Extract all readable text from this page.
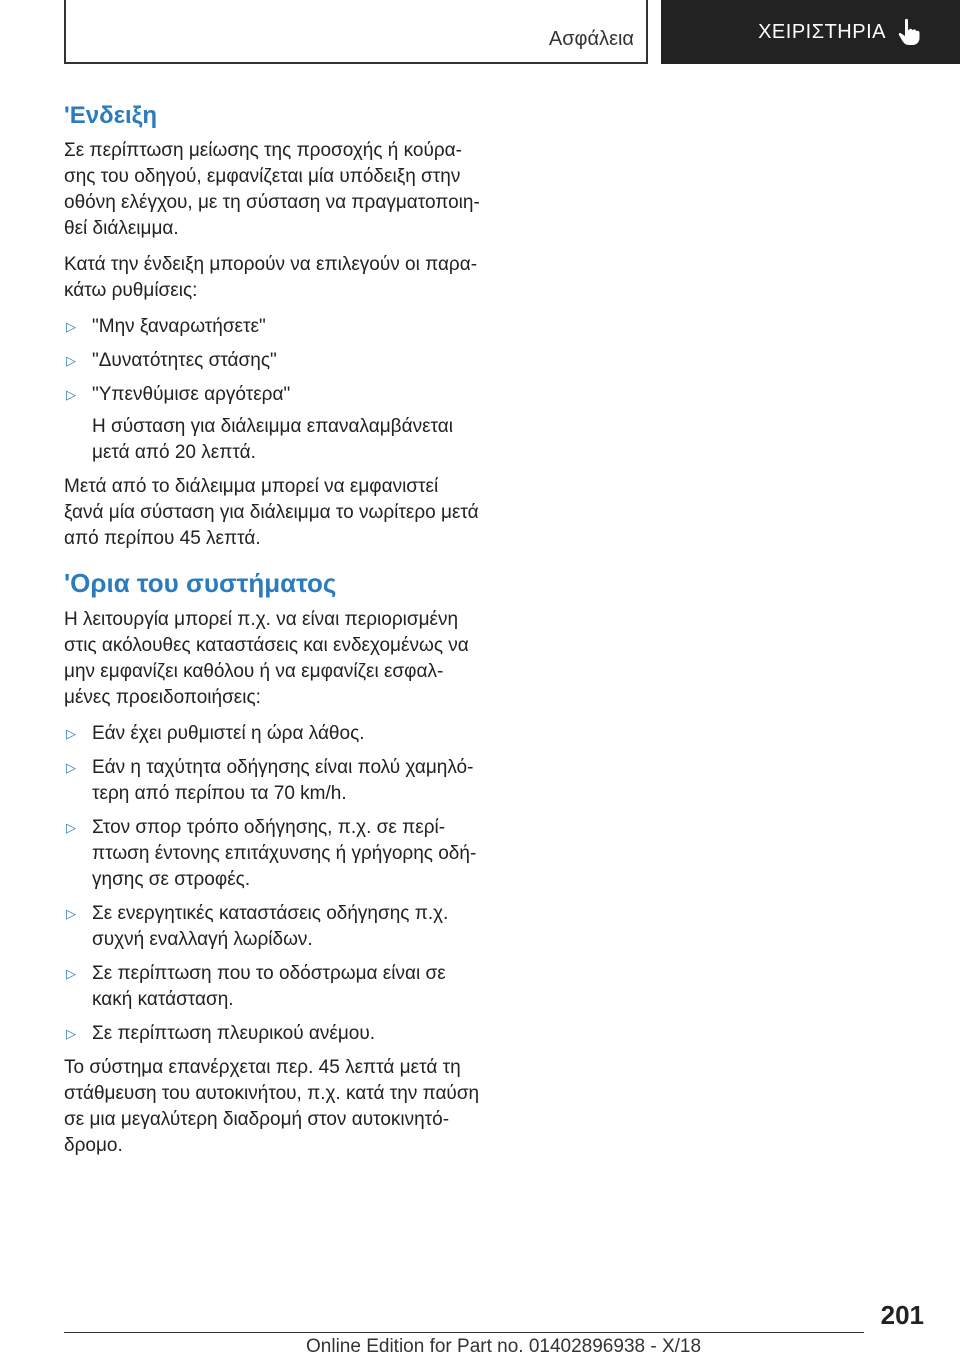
Ασφάλεια	ΧΕΙΡΙΣΤΗΡΙΑ
'Ενδειξη

Σε περίπτωση μείωσης της προσοχής ή κούρα-σης του οδηγού, εμφανίζεται μία υπόδειξη στην οθόνη ελέγχου, με τη σύσταση να πραγματοποιη-θεί διάλειμμα.

Κατά την ένδειξη μπορούν να επιλεγούν οι παρα-κάτω ρυθμίσεις:

▷ "Μην ξαναρωτήσετε"
▷ "Δυνατότητες στάσης"
▷ "Υπενθύμισε αργότερα"
Η σύσταση για διάλειμμα επαναλαμβάνεται μετά από 20 λεπτά.

Μετά από το διάλειμμα μπορεί να εμφανιστεί ξανά μία σύσταση για διάλειμμα το νωρίτερο μετά από περίπου 45 λεπτά.

'Ορια του συστήματος

Η λειτουργία μπορεί π.χ. να είναι περιορισμένη στις ακόλουθες καταστάσεις και ενδεχομένως να μην εμφανίζει καθόλου ή να εμφανίζει εσφαλ-μένες προειδοποιήσεις:

▷ Εάν έχει ρυθμιστεί η ώρα λάθος.
▷ Εάν η ταχύτητα οδήγησης είναι πολύ χαμηλό-τερη από περίπου τα 70 km/h.
▷ Στον σπορ τρόπο οδήγησης, π.χ. σε περί-πτωση έντονης επιτάχυνσης ή γρήγορης οδή-γησης σε στροφές.
▷ Σε ενεργητικές καταστάσεις οδήγησης π.χ. συχνή εναλλαγή λωρίδων.
▷ Σε περίπτωση που το οδόστρωμα είναι σε κακή κατάσταση.
▷ Σε περίπτωση πλευρικού ανέμου.

Το σύστημα επανέρχεται περ. 45 λεπτά μετά τη στάθμευση του αυτοκινήτου, π.χ. κατά την παύση σε μια μεγαλύτερη διαδρομή στον αυτοκινητό-δρομο.

201
Online Edition for Part no. 01402896938 - X/18
